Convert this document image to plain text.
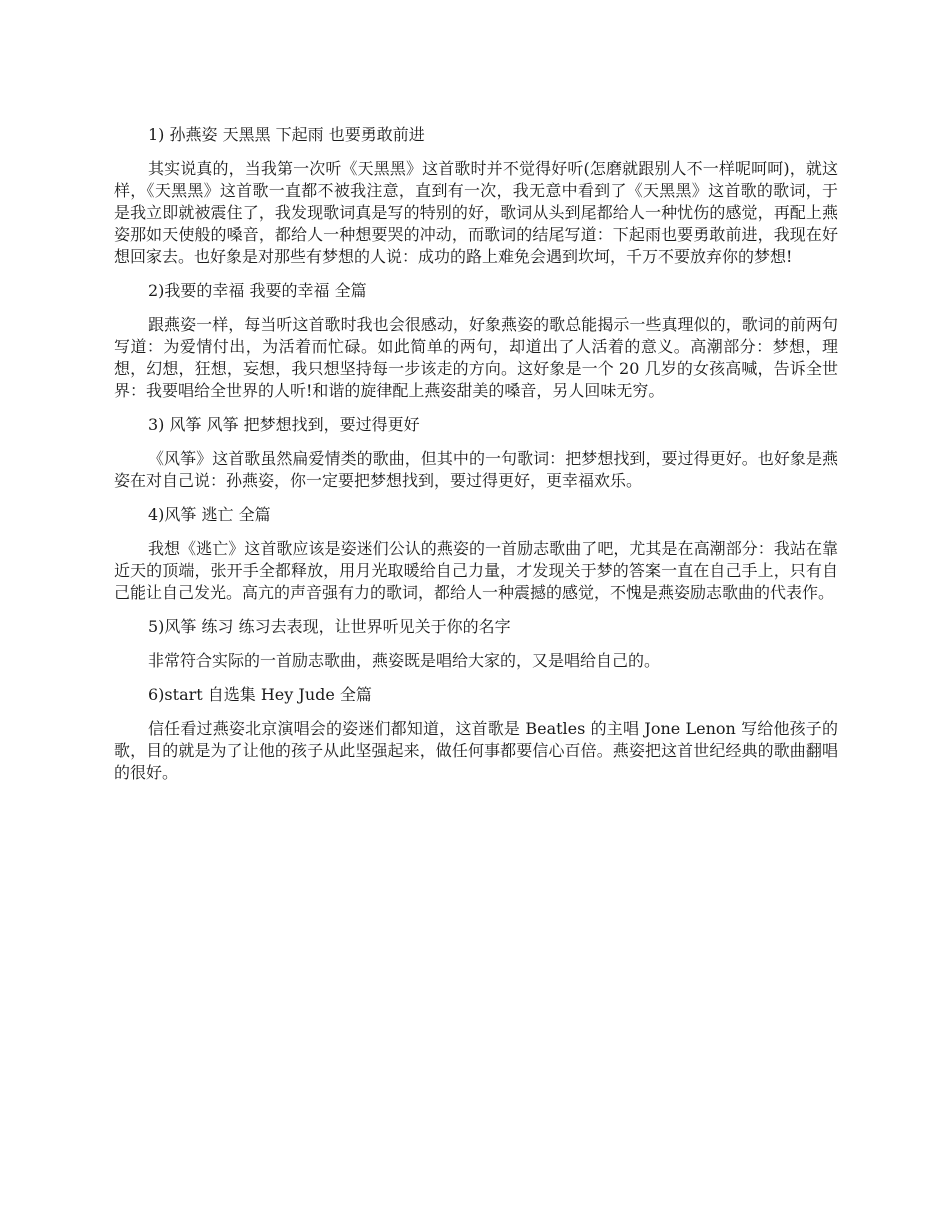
1) 孙燕姿 天黑黑 下起雨 也要勇敢前进

其实说真的，当我第一次听《天黑黑》这首歌时并不觉得好听(怎磨就跟别人不一样呢呵呵)，就这样，《天黑黑》这首歌一直都不被我注意，直到有一次，我无意中看到了《天黑黑》这首歌的歌词，于是我立即就被震住了，我发现歌词真是写的特别的好，歌词从头到尾都给人一种忧伤的感觉，再配上燕姿那如天使般的嗓音，都给人一种想要哭的冲动，而歌词的结尾写道：下起雨也要勇敢前进，我现在好想回家去。也好象是对那些有梦想的人说：成功的路上难免会遇到坎坷，千万不要放弃你的梦想!

2)我要的幸福 我要的幸福 全篇

跟燕姿一样，每当听这首歌时我也会很感动，好象燕姿的歌总能揭示一些真理似的，歌词的前两句写道：为爱情付出，为活着而忙碌。如此简单的两句，却道出了人活着的意义。高潮部分：梦想，理想，幻想，狂想，妄想，我只想坚持每一步该走的方向。这好象是一个 20 几岁的女孩高喊，告诉全世界：我要唱给全世界的人听!和谐的旋律配上燕姿甜美的嗓音，另人回味无穷。

3) 风筝 风筝 把梦想找到，要过得更好

《风筝》这首歌虽然扁爱情类的歌曲，但其中的一句歌词：把梦想找到，要过得更好。也好象是燕姿在对自己说：孙燕姿，你一定要把梦想找到，要过得更好，更幸福欢乐。

4)风筝 逃亡 全篇

我想《逃亡》这首歌应该是姿迷们公认的燕姿的一首励志歌曲了吧，尤其是在高潮部分：我站在靠近天的顶端，张开手全都释放，用月光取暖给自己力量，才发现关于梦的答案一直在自己手上，只有自己能让自己发光。高亢的声音强有力的歌词，都给人一种震撼的感觉，不愧是燕姿励志歌曲的代表作。

5)风筝 练习 练习去表现，让世界听见关于你的名字

非常符合实际的一首励志歌曲，燕姿既是唱给大家的，又是唱给自己的。

6)start 自选集 Hey Jude 全篇

信任看过燕姿北京演唱会的姿迷们都知道，这首歌是 Beatles 的主唱 Jone Lenon 写给他孩子的歌，目的就是为了让他的孩子从此坚强起来，做任何事都要信心百倍。燕姿把这首世纪经典的歌曲翻唱的很好。
